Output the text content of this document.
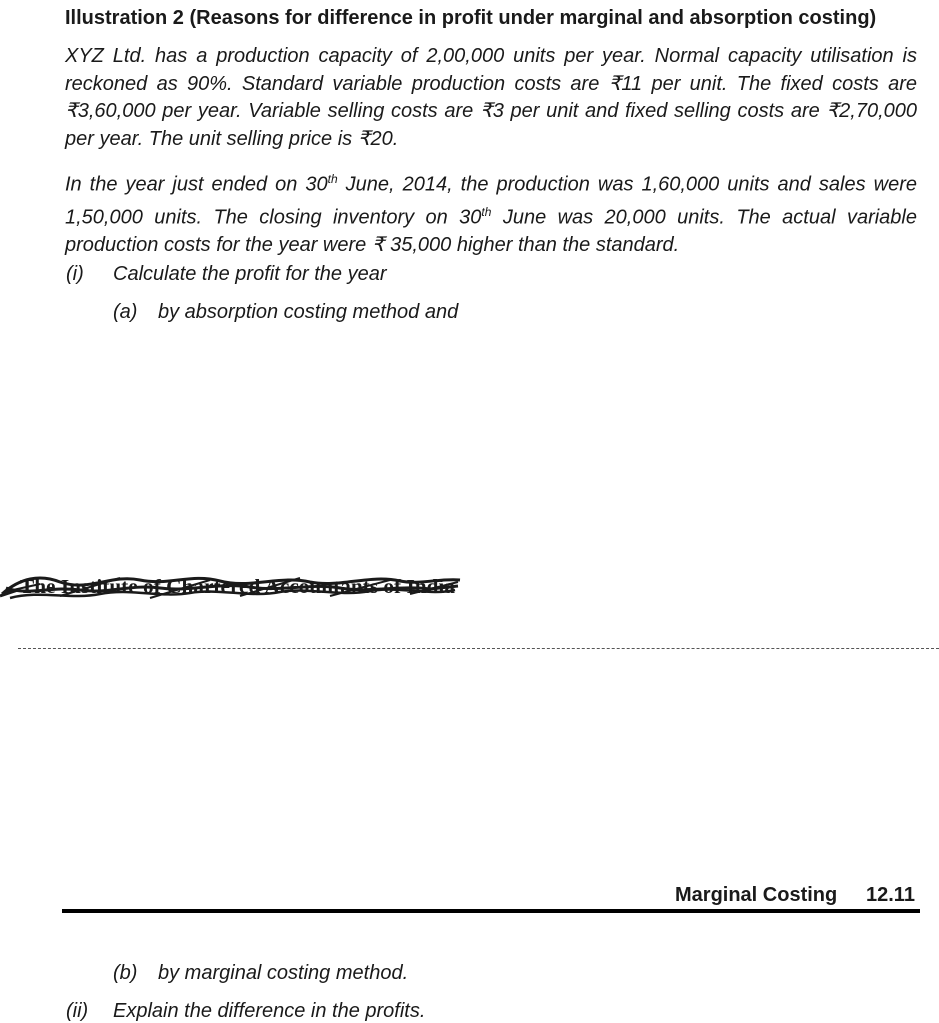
Illustration 2 (Reasons for difference in profit under marginal and absorption costing)

XYZ Ltd. has a production capacity of 2,00,000 units per year. Normal capacity utilisation is reckoned as 90%. Standard variable production costs are ₹11 per unit. The fixed costs are ₹3,60,000 per year. Variable selling costs are ₹3 per unit and fixed selling costs are ₹2,70,000 per year. The unit selling price is ₹20.

In the year just ended on 30th June, 2014, the production was 1,60,000 units and sales were 1,50,000 units. The closing inventory on 30th June was 20,000 units. The actual variable production costs for the year were ₹ 35,000 higher than the standard.

(i) Calculate the profit for the year
(a) by absorption costing method and
The Institute of Chartered Accountants of India
Marginal Costing 12.11
(b) by marginal costing method.
(ii) Explain the difference in the profits.
